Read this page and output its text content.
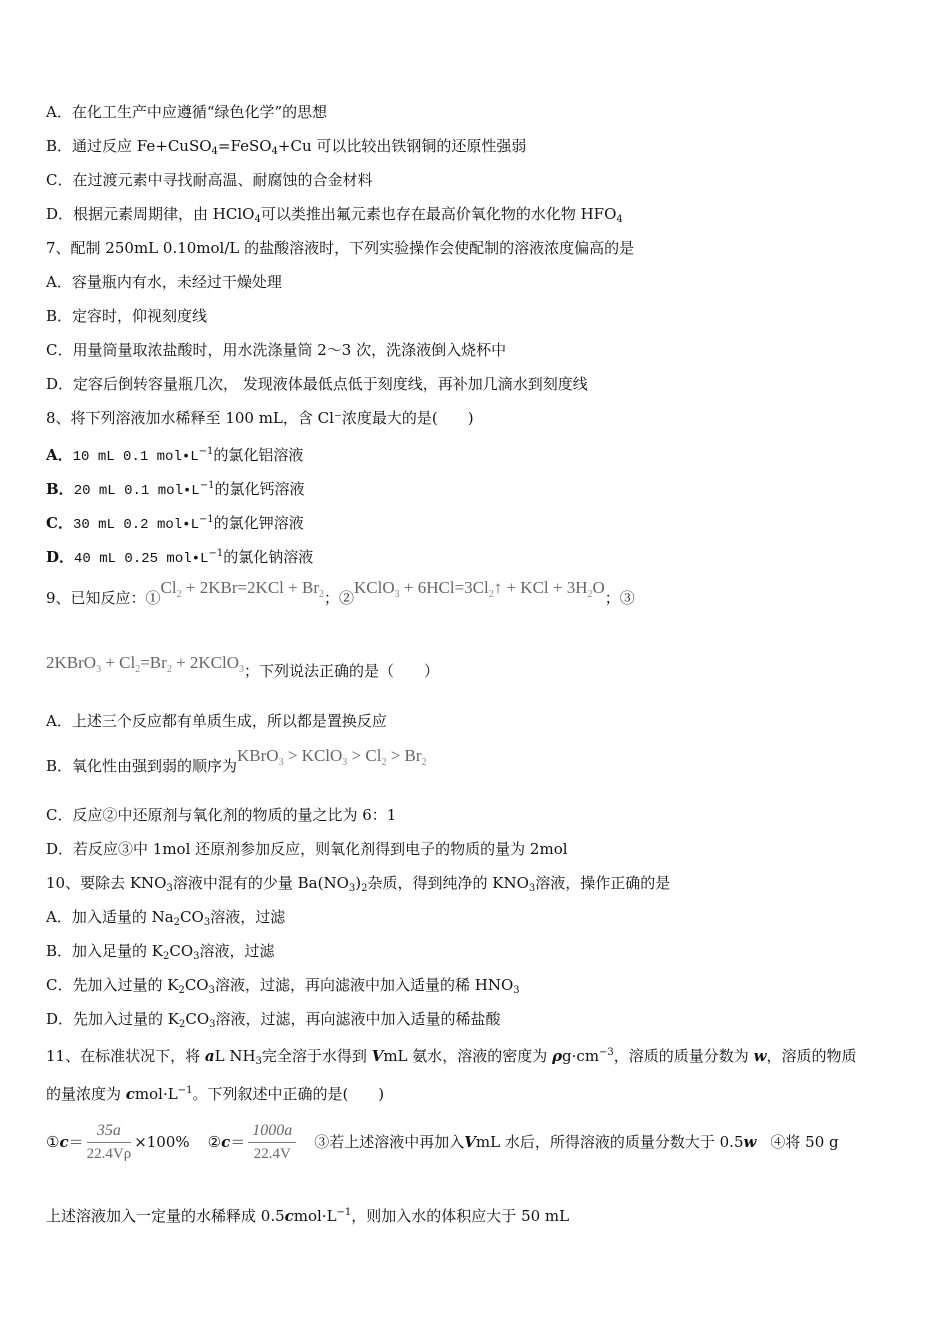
A．在化工生产中应遵循“绿色化学”的思想
B．通过反应 Fe+CuSO$_4$=FeSO$_4$+Cu 可以比较出铁钢铜的还原性强弱
C．在过渡元素中寻找耐高温、耐腐蚀的合金材料
D．根据元素周期律，由 HClO$_4$可以类推出氟元素也存在最高价氧化物的水化物 $HFO_4$
7、配制 250mL 0.10mol/L 的盐酸溶液时，下列实验操作会使配制的溶液浓度偏高的是
A．容量瓶内有水，未经过干燥处理
B．定容时，仰视刻度线
C．用量筒量取浓盐酸时，用水洗涤量筒 2～3 次，洗涤液倒入烧杯中
D．定容后倒转容量瓶几次， 发现液体最低点低于刻度线，再补加几滴水到刻度线
8、将下列溶液加水稀释至 100 mL，含 Cl⁻浓度最大的是(　　)
A．10 mL 0.1 $mol•L^{-1}$的氯化铝溶液
B．20 mL 0.1 $mol•L^{-1}$的氯化钙溶液
C．30 mL 0.2 $mol•L^{-1}$的氯化钾溶液
D．40 mL 0.25 $mol•L^{-1}$的氯化钠溶液
9、已知反应：$①Cl_2 + 2KBr=2KCl + Br_2$；②KClO$_3$ + $6HCl=3Cl_2↑$ + KCl + $3H_2O$；③
2KBrO$_3$ + $Cl_2=Br_2$ + 2KClO$_3$；下列说法正确的是（　　）
A．上述三个反应都有单质生成，所以都是置换反应
B．氧化性由强到弱的顺序为KBrO$_3$ > KClO$_3$ > $Cl_2 > Br_2$
C．反应②中还原剂与氧化剂的物质的量之比为 6：1
D．若反应③中 1mol 还原剂参加反应，则氧化剂得到电子的物质的量为 2mol
10、要除去 $KNO_3$溶液中混有的少量 $Ba(NO_3)_2$杂质，得到纯净的 $KNO_3$溶液，操作正确的是
A．加入适量的 $Na_2CO_3$溶液，过滤
B．加入足量的 $K_2CO_3$溶液，过滤
C．先加入过量的 $K_2CO_3$溶液，过滤，再向滤液中加入适量的稀 $HNO_3$
D．先加入过量的 $K_2CO_3$溶液，过滤，再向滤液中加入适量的稀盐酸
11、在标准状况下，将 aL $NH_3$完全溶于水得到 VmL 氨水，溶液的密度为 $\rho g\cdot cm^{-3}$，溶质的质量分数为 w，溶质的物质
的量浓度为 $cmol\cdot L^{-1}$。下列叙述中正确的是(　　)
① $c = \frac{35a}{22.4V\rho} \times 100\%$ ② $c = \frac{1000a}{22.4V}$ ③若上述溶液中再加入 V mL 水后，所得溶液的质量分数大于 0.5 w ④将 50 g
上述溶液加入一定量的水稀释成 $0.5cmol\cdot L^{-1}$，则加入水的体积应大于 50 mL
